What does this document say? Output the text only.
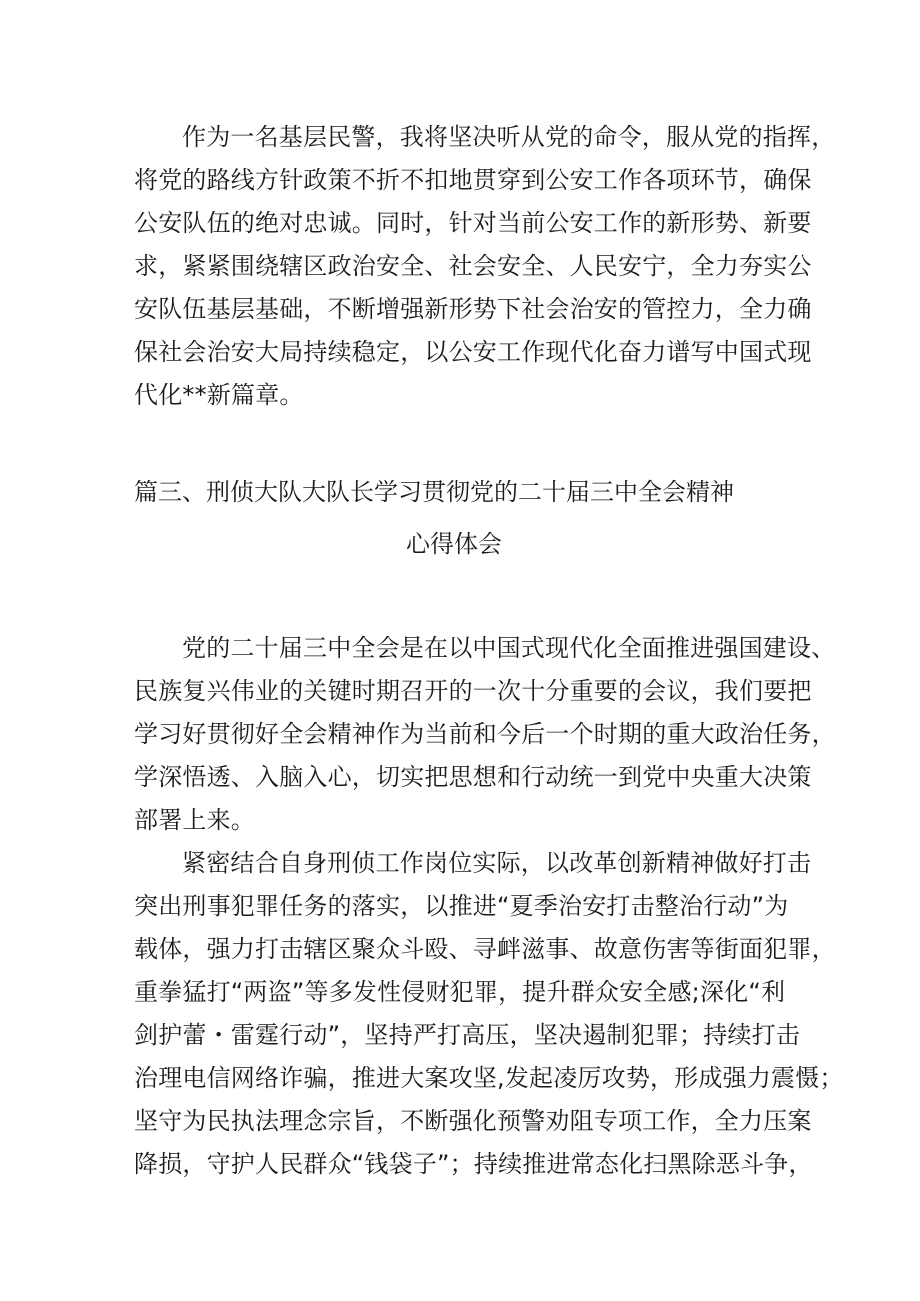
作为一名基层民警，我将坚决听从党的命令，服从党的指挥，
将党的路线方针政策不折不扣地贯穿到公安工作各项环节，确保
公安队伍的绝对忠诚。同时，针对当前公安工作的新形势、新要
求，紧紧围绕辖区政治安全、社会安全、人民安宁，全力夯实公
安队伍基层基础，不断增强新形势下社会治安的管控力，全力确
保社会治安大局持续稳定，以公安工作现代化奋力谱写中国式现
代化**新篇章。
篇三、刑侦大队大队长学习贯彻党的二十届三中全会精神
心得体会
党的二十届三中全会是在以中国式现代化全面推进强国建设、
民族复兴伟业的关键时期召开的一次十分重要的会议，我们要把
学习好贯彻好全会精神作为当前和今后一个时期的重大政治任务，
学深悟透、入脑入心，切实把思想和行动统一到党中央重大决策
部署上来。
紧密结合自身刑侦工作岗位实际，以改革创新精神做好打击
突出刑事犯罪任务的落实，以推进“夏季治安打击整治行动”为
载体，强力打击辖区聚众斗殴、寻衅滋事、故意伤害等街面犯罪，
重拳猛打“两盗”等多发性侵财犯罪，提升群众安全感;深化“利
剑护蕾・雷霆行动”，坚持严打高压，坚决遏制犯罪；持续打击
治理电信网络诈骗，推进大案攻坚,发起凌厉攻势，形成强力震慑；
坚守为民执法理念宗旨，不断强化预警劝阻专项工作，全力压案
降损，守护人民群众“钱袋子”；持续推进常态化扫黑除恶斗争，
